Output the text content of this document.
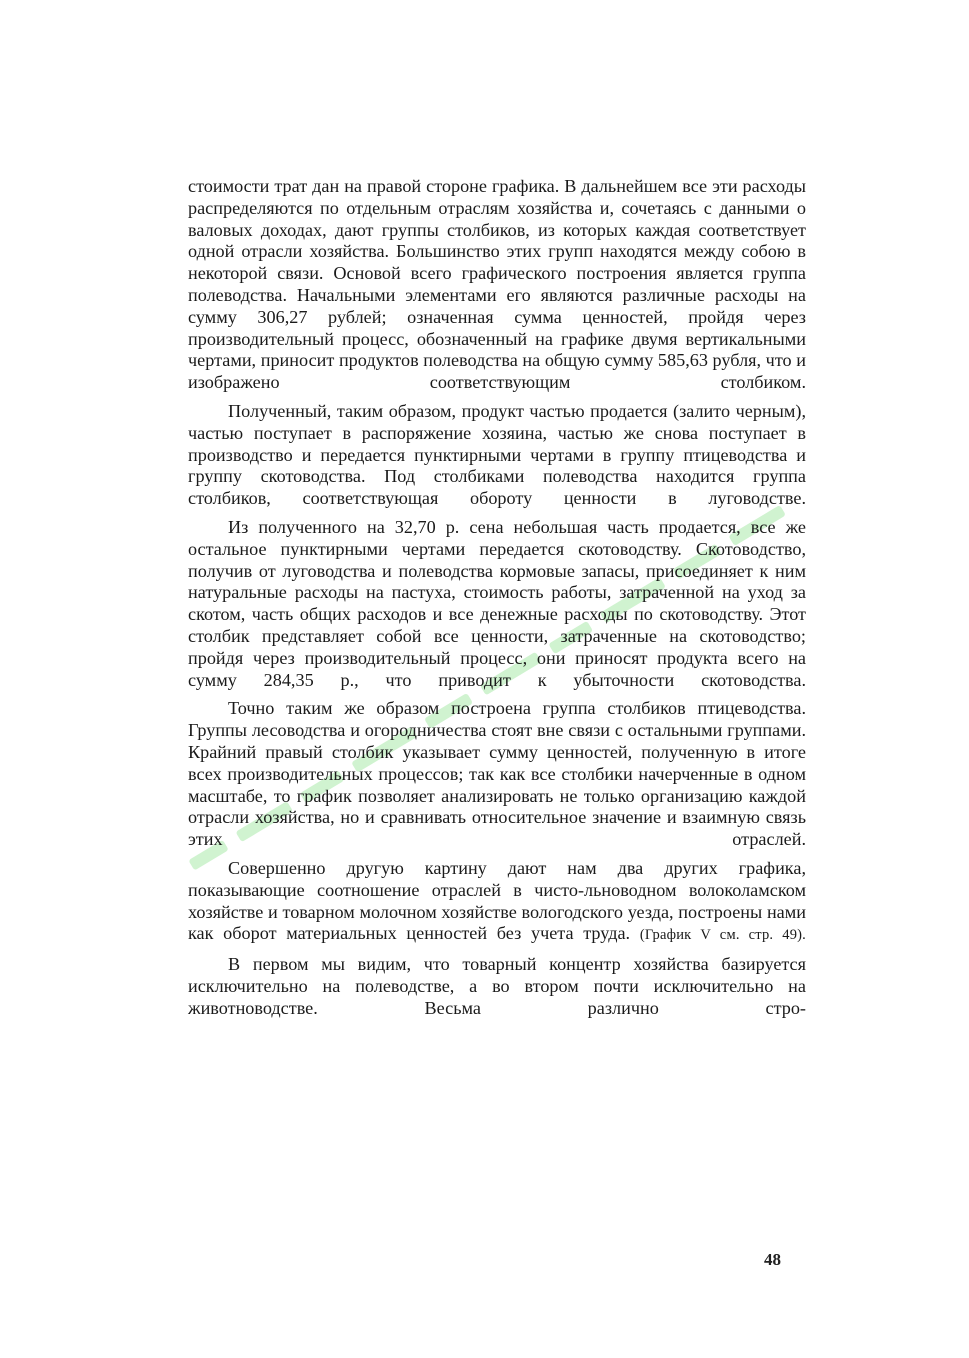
стоимости трат дан на правой стороне графика. В дальнейшем все эти расходы распределяются по отдельным отраслям хозяйства и, сочетаясь с данными о валовых доходах, дают группы столбиков, из которых каждая соответствует одной отрасли хозяйства. Большинство этих групп находятся между собою в некоторой связи. Основой всего графического построения является группа полеводства. Начальными элементами его являются различные расходы на сумму 306,27 рублей; означенная сумма ценностей, пройдя через производительный процесс, обозначенный на графике двумя вертикальными чертами, приносит продуктов полеводства на общую сумму 585,63 рубля, что и изображено соответствующим столбиком.

Полученный, таким образом, продукт частью продается (залито черным), частью поступает в распоряжение хозяина, частью же снова поступает в производство и передается пунктирными чертами в группу птицеводства и группу скотоводства. Под столбиками полеводства находится группа столбиков, соответствующая обороту ценности в луговодстве.

Из полученного на 32,70 р. сена небольшая часть продается, все же остальное пунктирными чертами передается скотоводству. Скотоводство, получив от луговодства и полеводства кормовые запасы, присоединяет к ним натуральные расходы на пастуха, стоимость работы, затраченной на уход за скотом, часть общих расходов и все денежные расходы по скотоводству. Этот столбик представляет собой все ценности, затраченные на скотоводство; пройдя через производительный процесс, они приносят продукта всего на сумму 284,35 р., что приводит к убыточности скотоводства.

Точно таким же образом построена группа столбиков птицеводства. Группы лесоводства и огородничества стоят вне связи с остальными группами. Крайний правый столбик указывает сумму ценностей, полученную в итоге всех производительных процессов; так как все столбики начерченные в одном масштабе, то график позволяет анализировать не только организацию каждой отрасли хозяйства, но и сравнивать относительное значение и взаимную связь этих отраслей.

Совершенно другую картину дают нам два других графика, показывающие соотношение отраслей в чисто-льноводном волоколамском хозяйстве и товарном молочном хозяйстве вологодского уезда, построены нами как оборот материальных ценностей без учета труда. (График V см. стр. 49).

В первом мы видим, что товарный концентр хозяйства базируется исключительно на полеводстве, а во втором почти исключительно на животноводстве. Весьма различно стро-

48
